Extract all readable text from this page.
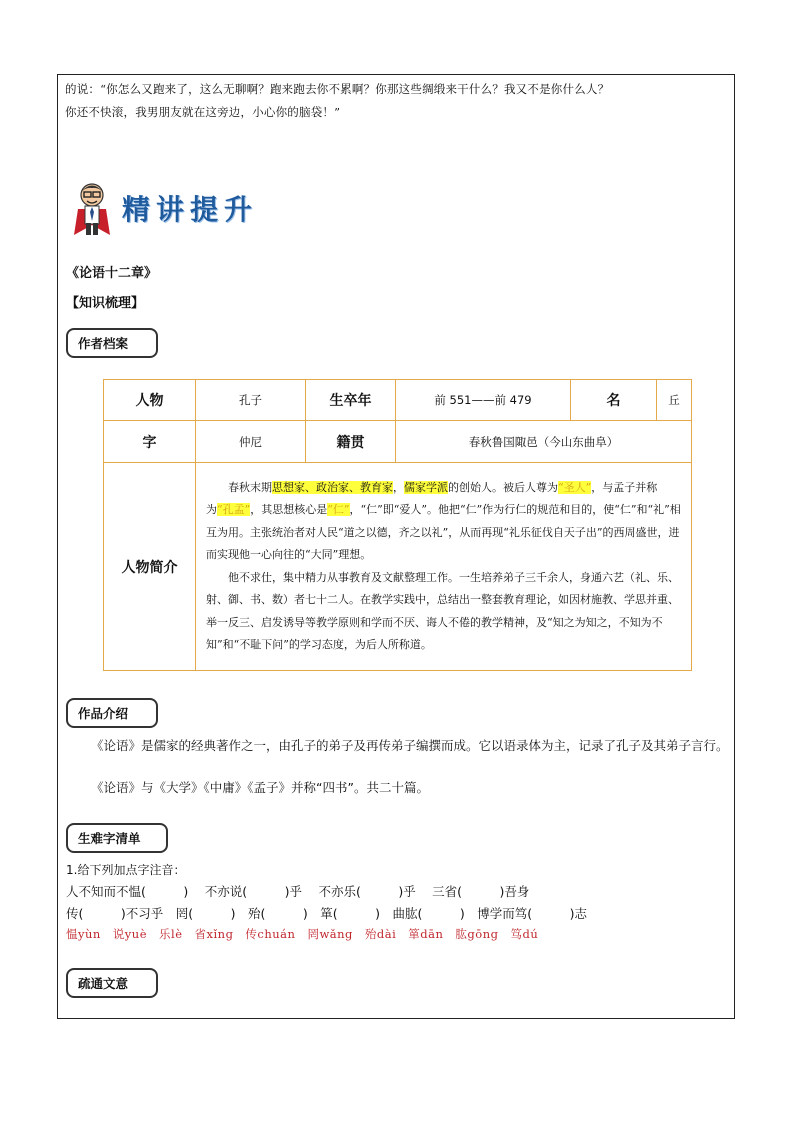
的说：“你怎么又跑来了，这么无聊啊？跑来跑去你不累啊？你那这些绸缎来干什么？我又不是你什么人？
你还不快滚，我男朋友就在这旁边，小心你的脑袋！”
精讲提升
《论语十二章》
【知识梳理】
作者档案
人物	孔子	生卒年	前 551——前 479	名	丘
字	仲尼	籍贯	春秋鲁国陬邑（今山东曲阜）		
人物简介	春秋末期思想家、政治家、教育家，儒家学派的创始人。被后人尊为“圣人”，与孟子并称为“孔孟”，其思想核心是“仁”，“仁”即“爱人”。他把“仁”作为行仁的规范和目的，使“仁”和“礼”相互为用。主张统治者对人民“道之以德，齐之以礼”，从而再现“礼乐征伐自天子出”的西周盛世，进而实现他一心向往的“大同”理想。
他不求仕，集中精力从事教育及文献整理工作。一生培养弟子三千余人，身通六艺（礼、乐、射、御、书、数）者七十二人。在教学实践中，总结出一整套教育理论，如因材施教、学思并重、举一反三、启发诱导等教学原则和学而不厌、诲人不倦的教学精神，及“知之为知之，不知为不知”和“不耻下问”的学习态度，为后人所称道。				
作品介绍
《论语》是儒家的经典著作之一，由孔子的弟子及再传弟子编撰而成。它以语录体为主，记录了孔子及其弟子言行。
《论语》与《大学》《中庸》《孟子》并称“四书”。共二十篇。
生难字清单
1.给下列加点字注音：
人不知而不愠(　　　)　 不亦说(　　　)乎　 不亦乐(　　　)乎　 三省(　　　)吾身
传(　　　)不习乎　罔(　　　)　殆(　　　)　箪(　　　)　曲肱(　　　)　博学而笃(　　　)志
愠yùn　说yuè　乐lè　省xǐng　传chuán　罔wǎng　殆dài　箪dān　肱gōng　笃dú
疏通文意
